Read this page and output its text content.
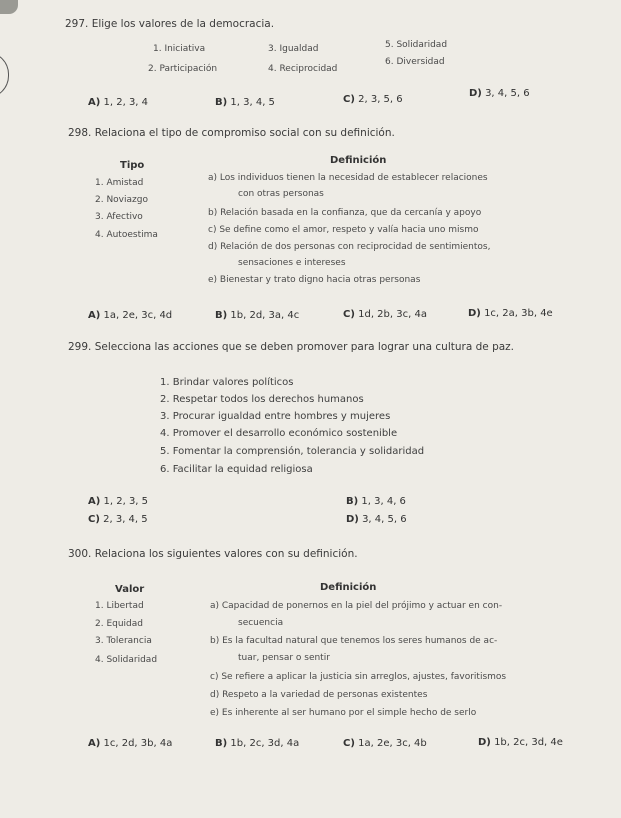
297. Elige los valores de la democracia.
1. Iniciativa
2. Participación
3. Igualdad
4. Reciprocidad
5. Solidaridad
6. Diversidad
A) 1, 2, 3, 4	B) 1, 3, 4, 5	C) 2, 3, 5, 6
D) 3, 4, 5, 6
298. Relaciona el tipo de compromiso social con su definición.
Tipo	Definición
1. Amistad
2. Noviazgo
3. Afectivo
4. Autoestima
a) Los individuos tienen la necesidad de establecer relaciones
con otras personas
b) Relación basada en la confianza, que da cercanía y apoyo
c) Se define como el amor, respeto y valía hacia uno mismo
d) Relación de dos personas con reciprocidad de sentimientos,
sensaciones e intereses
e) Bienestar y trato digno hacia otras personas
A) 1a, 2e, 3c, 4d	B) 1b, 2d, 3a, 4c	C) 1d, 2b, 3c, 4a	D) 1c, 2a, 3b, 4e
299. Selecciona las acciones que se deben promover para lograr una cultura de paz.
1. Brindar valores políticos
2. Respetar todos los derechos humanos
3. Procurar igualdad entre hombres y mujeres
4. Promover el desarrollo económico sostenible
5. Fomentar la comprensión, tolerancia y solidaridad
6. Facilitar la equidad religiosa
A) 1, 2, 3, 5	B) 1, 3, 4, 6
C) 2, 3, 4, 5	D) 3, 4, 5, 6
300. Relaciona los siguientes valores con su definición.
Valor	Definición
1. Libertad
2. Equidad
3. Tolerancia
4. Solidaridad
a) Capacidad de ponernos en la piel del prójimo y actuar en con-
secuencia
b) Es la facultad natural que tenemos los seres humanos de ac-
tuar, pensar o sentir
c) Se refiere a aplicar la justicia sin arreglos, ajustes, favoritismos
d) Respeto a la variedad de personas existentes
e) Es inherente al ser humano por el simple hecho de serlo
A) 1c, 2d, 3b, 4a	B) 1b, 2c, 3d, 4a	C) 1a, 2e, 3c, 4b	D) 1b, 2c, 3d, 4e
